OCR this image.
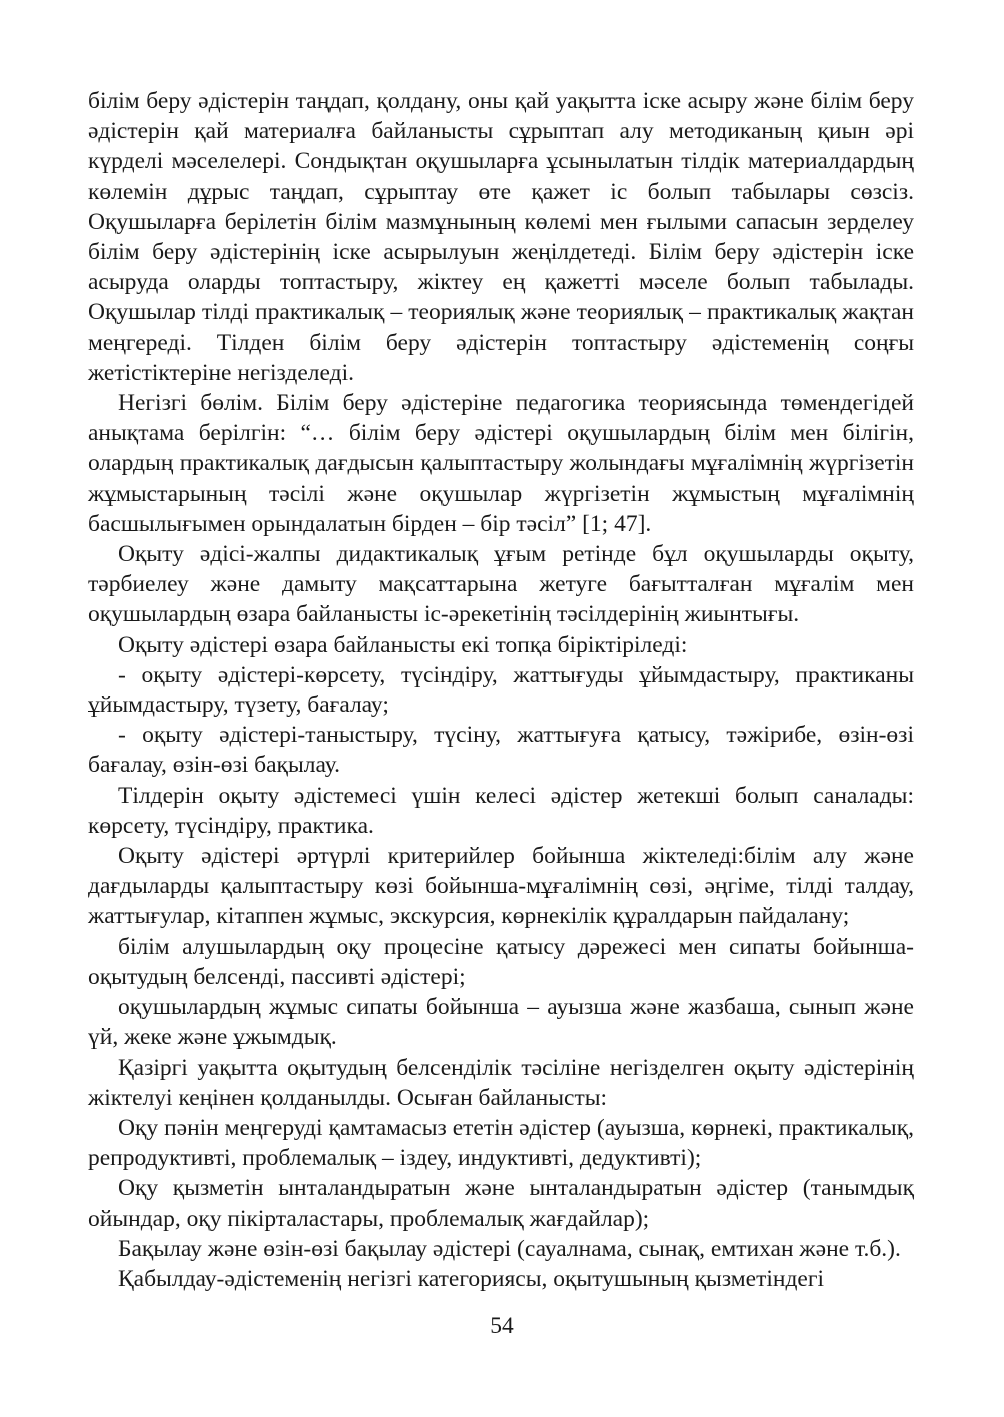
білім беру әдістерін таңдап, қолдану, оны қай уақытта іске асыру және білім беру әдістерін қай материалға байланысты сұрыптап алу методиканың қиын әрі күрделі мәселелері. Сондықтан оқушыларға ұсынылатын тілдік материалдардың көлемін дұрыс таңдап, сұрыптау өте қажет іс болып табылары сөзсіз. Оқушыларға берілетін білім мазмұнының көлемі мен ғылыми сапасын зерделеу білім беру әдістерінің іске асырылуын жеңілдетеді. Білім беру әдістерін іске асыруда оларды топтастыру, жіктеу ең қажетті мәселе болып табылады. Оқушылар тілді практикалық – теориялық және теориялық – практикалық жақтан меңгереді. Тілден білім беру әдістерін топтастыру әдістеменің соңғы жетістіктеріне негізделеді.

Негізгі бөлім. Білім беру әдістеріне педагогика теориясында төмендегідей анықтама берілгін: “… білім беру әдістері оқушылардың білім мен білігін, олардың практикалық дағдысын қалыптастыру жолындағы мұғалімнің жүргізетін жұмыстарының тәсілі және оқушылар жүргізетін жұмыстың мұғалімнің басшылығымен орындалатын бірден – бір тәсіл” [1; 47].

Оқыту әдісі-жалпы дидактикалық ұғым ретінде бұл оқушыларды оқыту, тәрбиелеу және дамыту мақсаттарына жетуге бағытталған мұғалім мен оқушылардың өзара байланысты іс-әрекетінің тәсілдерінің жиынтығы.

Оқыту әдістері өзара байланысты екі топқа біріктіріледі:

- оқыту әдістері-көрсету, түсіндіру, жаттығуды ұйымдастыру, практиканы ұйымдастыру, түзету, бағалау;

- оқыту әдістері-таныстыру, түсіну, жаттығуға қатысу, тәжірибе, өзін-өзі бағалау, өзін-өзі бақылау.

Тілдерін оқыту әдістемесі үшін келесі әдістер жетекші болып саналады: көрсету, түсіндіру, практика.

Оқыту әдістері әртүрлі критерийлер бойынша жіктеледі:білім алу және дағдыларды қалыптастыру көзі бойынша-мұғалімнің сөзі, әңгіме, тілді талдау, жаттығулар, кітаппен жұмыс, экскурсия, көрнекілік құралдарын пайдалану;

білім алушылардың оқу процесіне қатысу дәрежесі мен сипаты бойынша-оқытудың белсенді, пассивті әдістері;

оқушылардың жұмыс сипаты бойынша – ауызша және жазбаша, сынып және үй, жеке және ұжымдық.

Қазіргі уақытта оқытудың белсенділік тәсіліне негізделген оқыту әдістерінің жіктелуі кеңінен қолданылды. Осыған байланысты:

Оқу пәнін меңгеруді қамтамасыз ететін әдістер (ауызша, көрнекі, практикалық, репродуктивті, проблемалық – іздеу, индуктивті, дедуктивті);

Оқу қызметін ынталандыратын және ынталандыратын әдістер (танымдық ойындар, оқу пікірталастары, проблемалық жағдайлар);

Бақылау және өзін-өзі бақылау әдістері (сауалнама, сынақ, емтихан және т.б.).

Қабылдау-әдістеменің негізгі категориясы, оқытушының қызметіндегі

54
